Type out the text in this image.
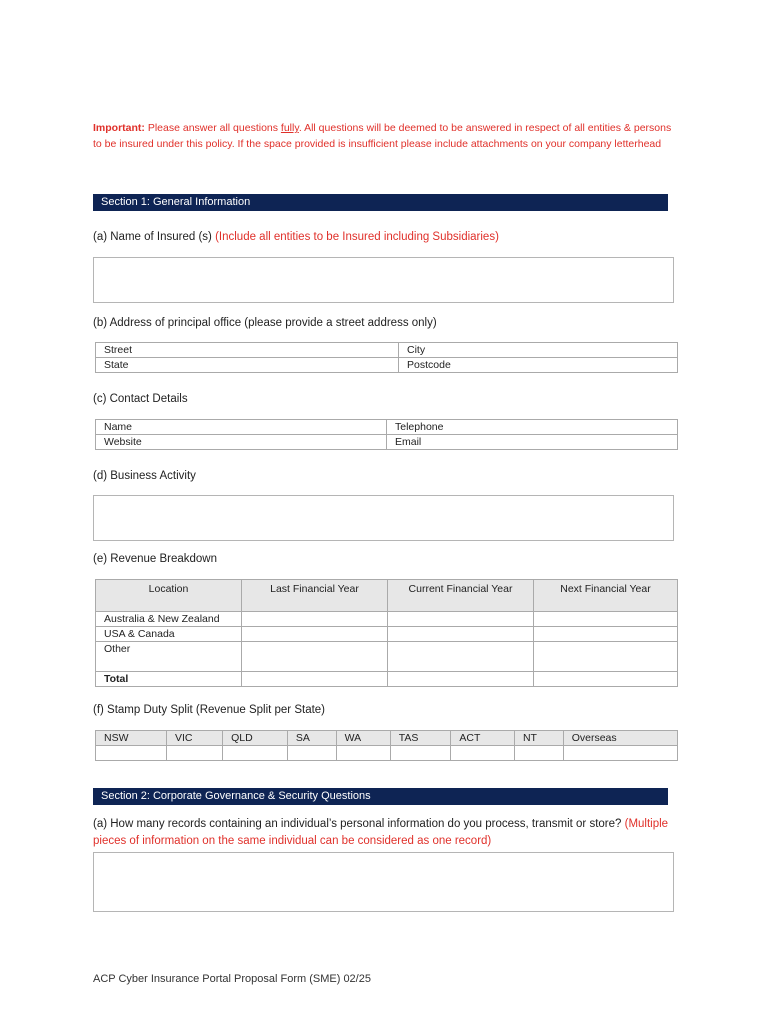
Important: Please answer all questions fully. All questions will be deemed to be answered in respect of all entities & persons to be insured under this policy. If the space provided is insufficient please include attachments on your company letterhead
Section 1: General Information
(a) Name of Insured (s) (Include all entities to be Insured including Subsidiaries)
(b) Address of principal office (please provide a street address only)
Street	City
State	Postcode
(c) Contact Details
Name	Telephone
Website	Email
(d) Business Activity
(e) Revenue Breakdown
Location	Last Financial Year	Current Financial Year	Next Financial Year
Australia & New Zealand			
USA & Canada			
Other			
Total			
(f) Stamp Duty Split (Revenue Split per State)
NSW	VIC	QLD	SA	WA	TAS	ACT	NT	Overseas

Section 2: Corporate Governance & Security Questions
(a) How many records containing an individual’s personal information do you process, transmit or store? (Multiple pieces of information on the same individual can be considered as one record)
ACP Cyber Insurance Portal Proposal Form (SME) 02/25
